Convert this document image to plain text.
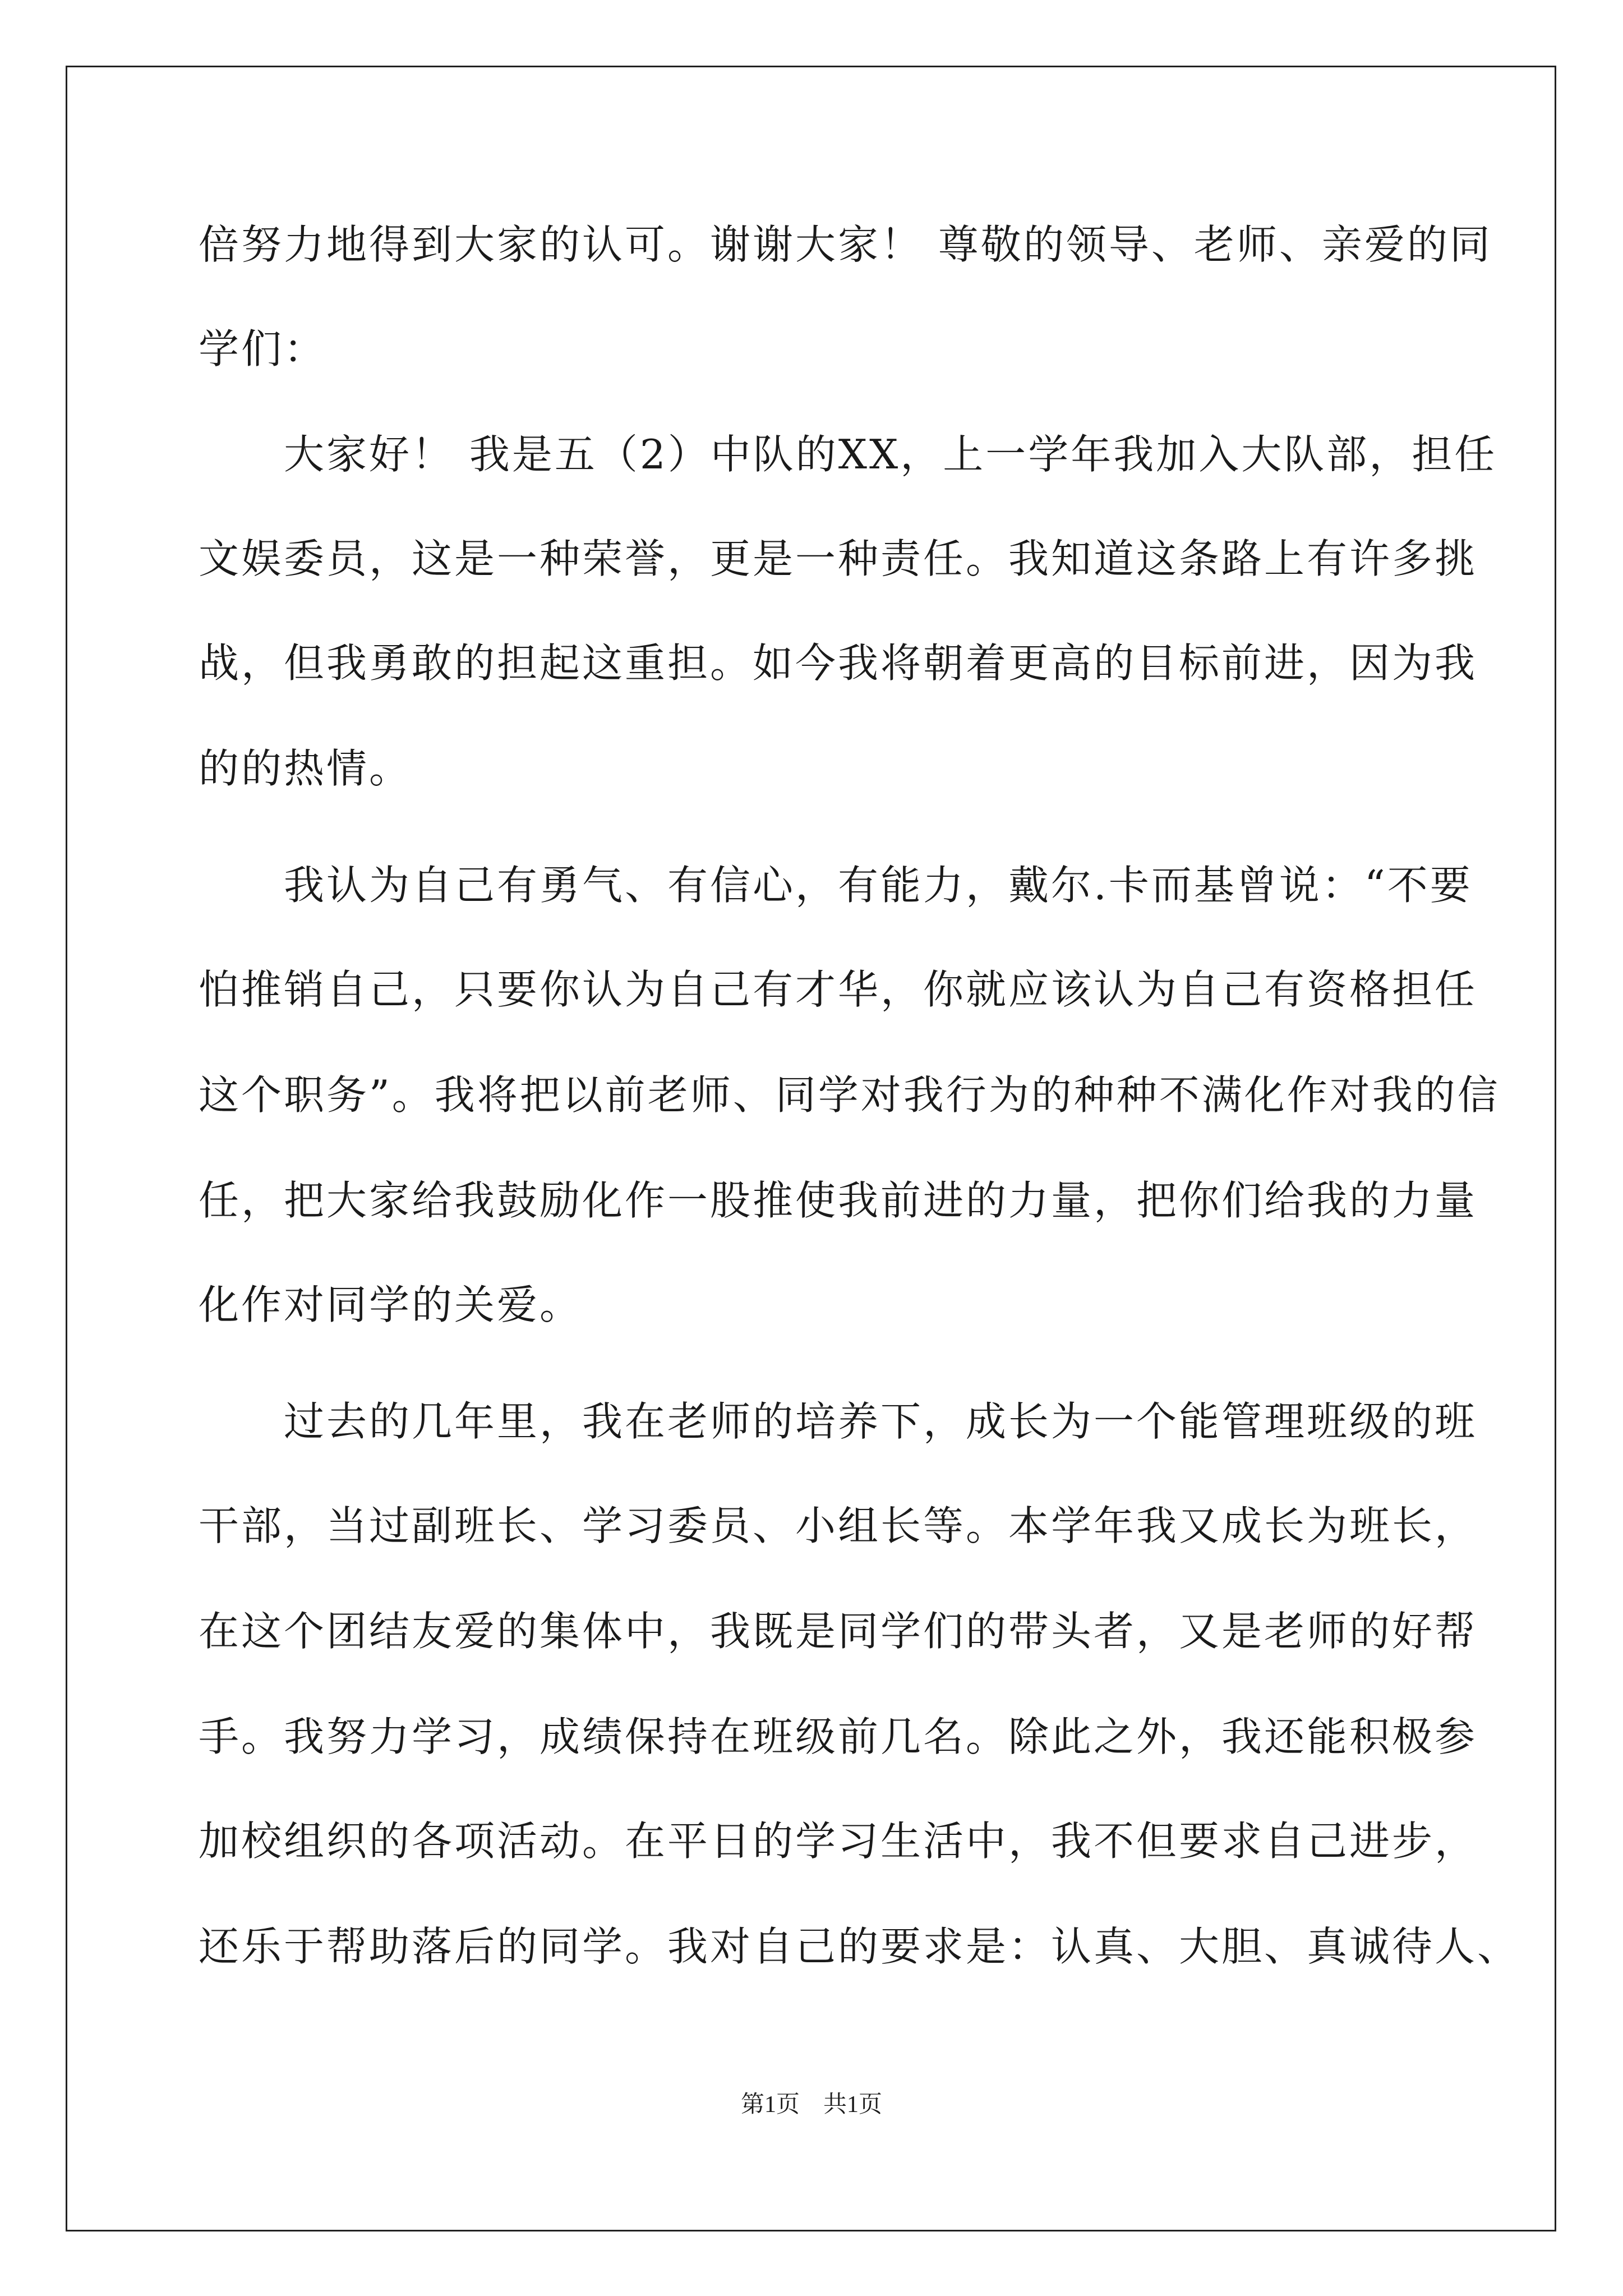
倍努力地得到大家的认可。谢谢大家！ 尊敬的领导、老师、亲爱的同
学们：
　　大家好！ 我是五（2）中队的XX，上一学年我加入大队部，担任
文娱委员，这是一种荣誉，更是一种责任。我知道这条路上有许多挑
战，但我勇敢的担起这重担。如今我将朝着更高的目标前进，因为我
的的热情。
　　我认为自己有勇气、有信心，有能力，戴尔.卡而基曾说：“不要
怕推销自己，只要你认为自己有才华，你就应该认为自己有资格担任
这个职务”。我将把以前老师、同学对我行为的种种不满化作对我的信
任，把大家给我鼓励化作一股推使我前进的力量，把你们给我的力量
化作对同学的关爱。
　　过去的几年里，我在老师的培养下，成长为一个能管理班级的班
干部，当过副班长、学习委员、小组长等。本学年我又成长为班长，
在这个团结友爱的集体中，我既是同学们的带头者，又是老师的好帮
手。我努力学习，成绩保持在班级前几名。除此之外，我还能积极参
加校组织的各项活动。在平日的学习生活中，我不但要求自己进步，
还乐于帮助落后的同学。我对自己的要求是：认真、大胆、真诚待人、
第1页　共1页
